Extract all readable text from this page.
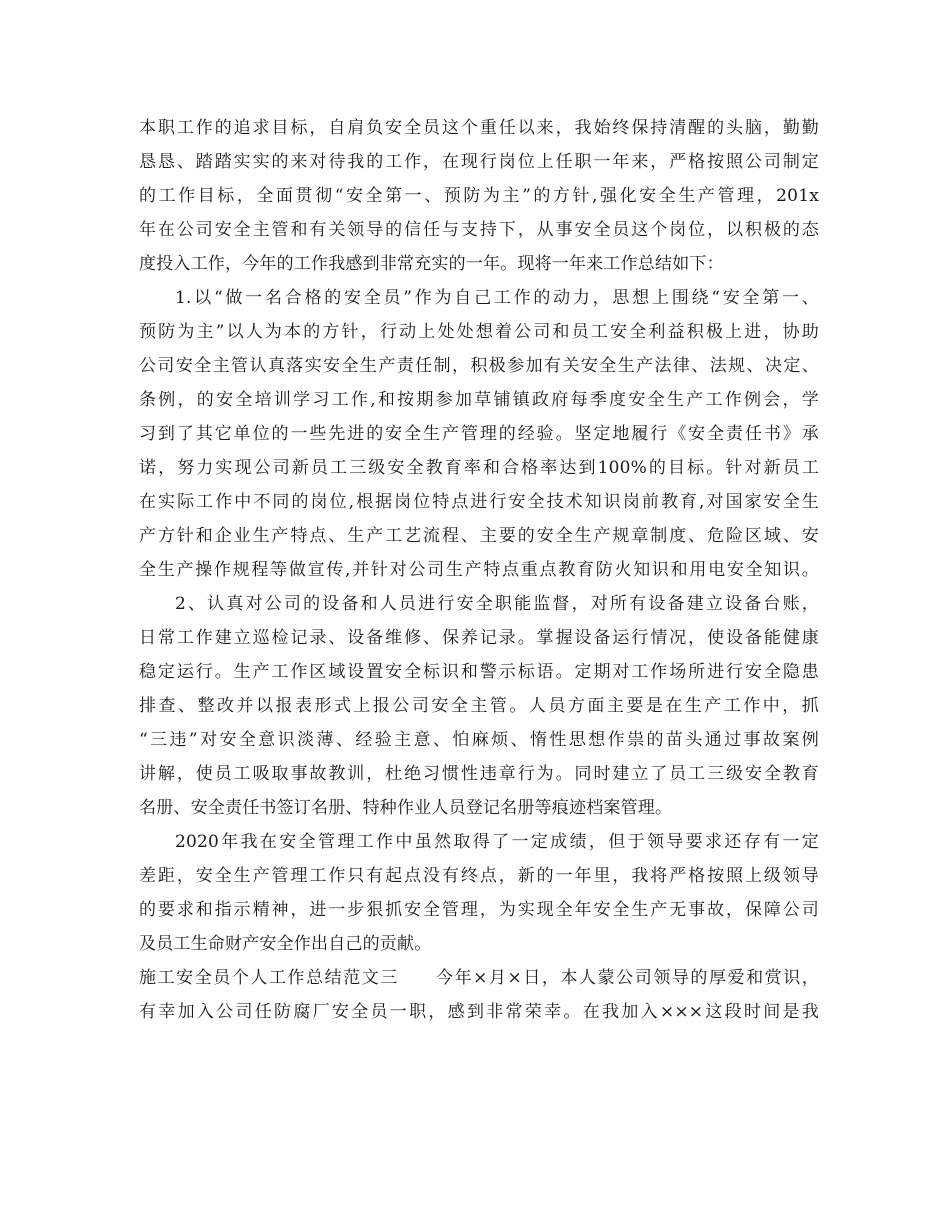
本职工作的追求目标，自肩负安全员这个重任以来，我始终保持清醒的头脑，勤勤
恳恳、踏踏实实的来对待我的工作，在现行岗位上任职一年来，严格按照公司制定
的工作目标，全面贯彻“安全第一、预防为主”的方针,强化安全生产管理，201x
年在公司安全主管和有关领导的信任与支持下，从事安全员这个岗位，以积极的态
度投入工作，今年的工作我感到非常充实的一年。现将一年来工作总结如下：
1.以“做一名合格的安全员”作为自己工作的动力，思想上围绕“安全第一、
预防为主”以人为本的方针，行动上处处想着公司和员工安全利益积极上进，协助
公司安全主管认真落实安全生产责任制，积极参加有关安全生产法律、法规、决定、
条例，的安全培训学习工作,和按期参加草铺镇政府每季度安全生产工作例会，学
习到了其它单位的一些先进的安全生产管理的经验。坚定地履行《安全责任书》承
诺，努力实现公司新员工三级安全教育率和合格率达到100%的目标。针对新员工
在实际工作中不同的岗位,根据岗位特点进行安全技术知识岗前教育,对国家安全生
产方针和企业生产特点、生产工艺流程、主要的安全生产规章制度、危险区域、安
全生产操作规程等做宣传,并针对公司生产特点重点教育防火知识和用电安全知识。
2、认真对公司的设备和人员进行安全职能监督，对所有设备建立设备台账，
日常工作建立巡检记录、设备维修、保养记录。掌握设备运行情况，使设备能健康
稳定运行。生产工作区域设置安全标识和警示标语。定期对工作场所进行安全隐患
排查、整改并以报表形式上报公司安全主管。人员方面主要是在生产工作中，抓
“三违”对安全意识淡薄、经验主意、怕麻烦、惰性思想作祟的苗头通过事故案例
讲解，使员工吸取事故教训，杜绝习惯性违章行为。同时建立了员工三级安全教育
名册、安全责任书签订名册、特种作业人员登记名册等痕迹档案管理。
2020年我在安全管理工作中虽然取得了一定成绩，但于领导要求还存有一定
差距，安全生产管理工作只有起点没有终点，新的一年里，我将严格按照上级领导
的要求和指示精神，进一步狠抓安全管理，为实现全年安全生产无事故，保障公司
及员工生命财产安全作出自己的贡献。
施工安全员个人工作总结范文三　　今年×月×日，本人蒙公司领导的厚爱和赏识，
有幸加入公司任防腐厂安全员一职，感到非常荣幸。在我加入×××这段时间是我
